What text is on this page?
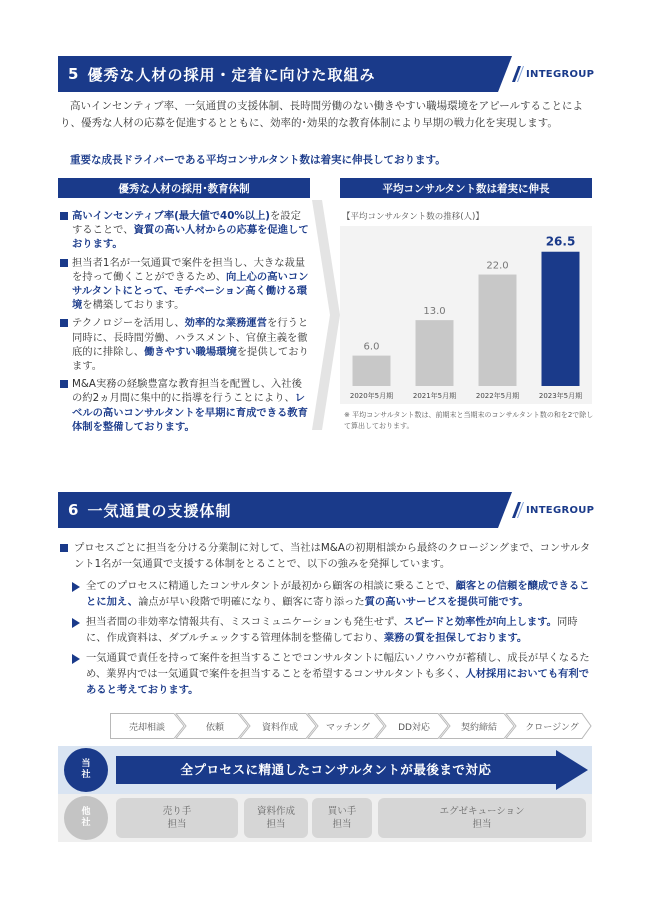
5 優秀な人材の採用・定着に向けた取組み	INTEGROUP
高いインセンティブ率、一気通貫の支援体制、長時間労働のない働きやすい職場環境をアピールすることにより、優秀な人材の応募を促進するとともに、効率的･効果的な教育体制により早期の戦力化を実現します。
重要な成長ドライバーである平均コンサルタント数は着実に伸長しております。
優秀な人材の採用･教育体制	平均コンサルタント数は着実に伸長
高いインセンティブ率(最大値で40%以上)を設定することで、資質の高い人材からの応募を促進しております。
担当者1名が一気通貫で案件を担当し、大きな裁量を持って働くことができるため、向上心の高いコンサルタントにとって、モチベーション高く働ける環境を構築しております。
テクノロジーを活用し、効率的な業務運営を行うと同時に、長時間労働、ハラスメント、官僚主義を徹底的に排除し、働きやすい職場環境を提供しております。
M&A実務の経験豊富な教育担当を配置し、入社後の約2ヵ月間に集中的に指導を行うことにより、レベルの高いコンサルタントを早期に育成できる教育体制を整備しております。
【平均コンサルタント数の推移(人)】
6.0
2020年5月期
13.0
2021年5月期
22.0
2022年5月期
26.5
2023年5月期
※ 平均コンサルタント数は、前期末と当期末のコンサルタント数の和を2で除して算出しております。
6 一気通貫の支援体制	INTEGROUP
プロセスごとに担当を分ける分業制に対して、当社はM&Aの初期相談から最終のクロージングまで、コンサルタント1名が一気通貫で支援する体制をとることで、以下の強みを発揮しています。
全てのプロセスに精通したコンサルタントが最初から顧客の相談に乗ることで、顧客との信頼を醸成できることに加え、論点が早い段階で明確になり、顧客に寄り添った質の高いサービスを提供可能です。
担当者間の非効率な情報共有、ミスコミュニケーションも発生せず、スピードと効率性が向上します。同時に、作成資料は、ダブルチェックする管理体制を整備しており、業務の質を担保しております。
一気通貫で責任を持って案件を担当することでコンサルタントに幅広いノウハウが蓄積し、成長が早くなるため、業界内では一気通貫で案件を担当することを希望するコンサルタントも多く、人材採用においても有利であると考えております。
売却相談	依頼	資料作成	マッチング	DD対応	契約締結	クロージング
当社	全プロセスに精通したコンサルタントが最後まで対応
他社
売り手
担当
資料作成
担当
買い手
担当
エグゼキューション
担当
